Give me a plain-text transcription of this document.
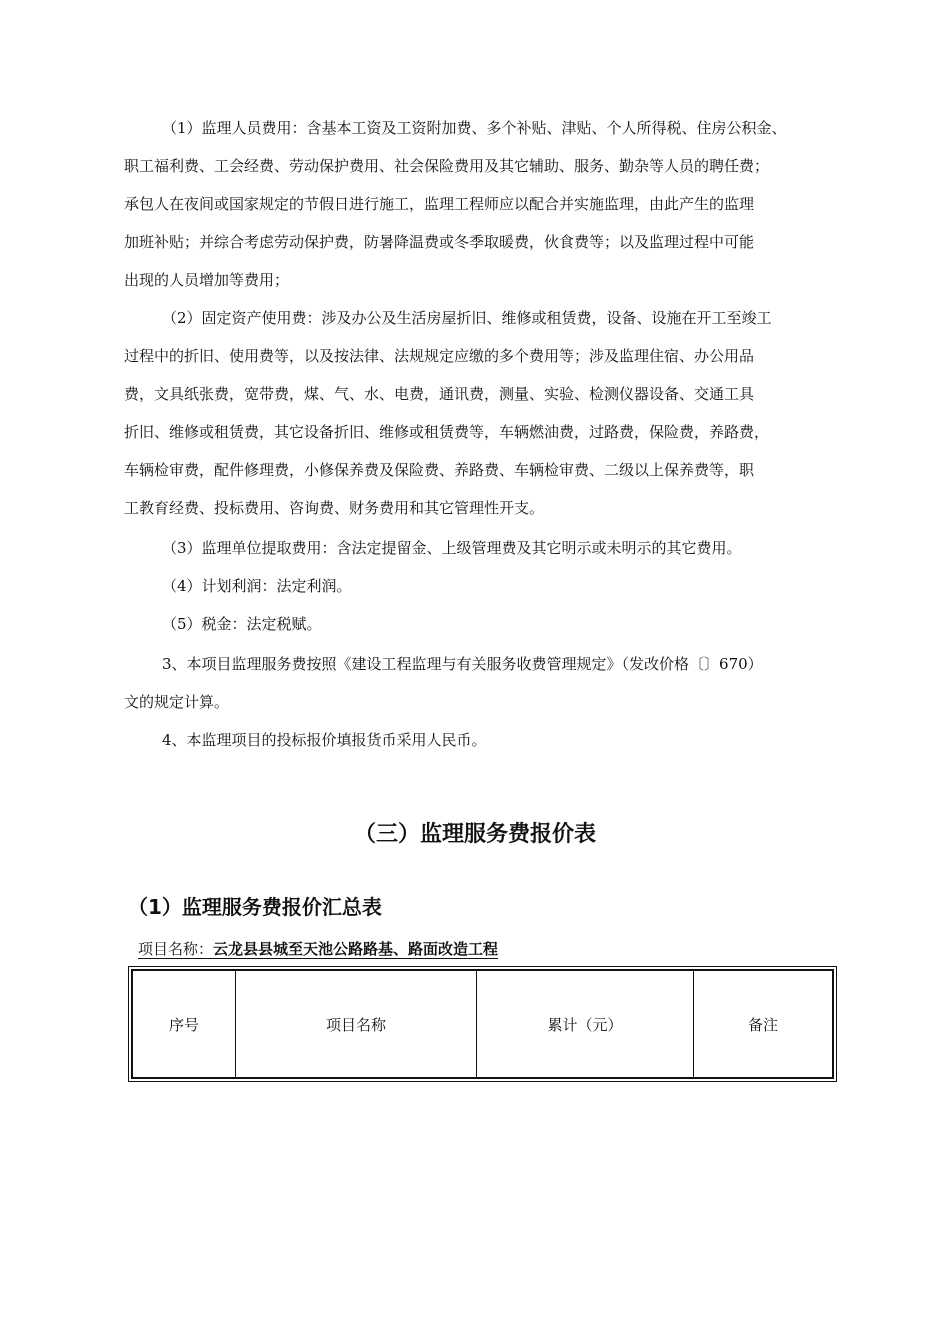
（1）监理人员费用：含基本工资及工资附加费、多个补贴、津贴、个人所得税、住房公积金、
职工福利费、工会经费、劳动保护费用、社会保险费用及其它辅助、服务、勤杂等人员的聘任费；
承包人在夜间或国家规定的节假日进行施工，监理工程师应以配合并实施监理，由此产生的监理
加班补贴；并综合考虑劳动保护费，防暑降温费或冬季取暖费，伙食费等；以及监理过程中可能
出现的人员增加等费用；
（2）固定资产使用费：涉及办公及生活房屋折旧、维修或租赁费，设备、设施在开工至竣工
过程中的折旧、使用费等，以及按法律、法规规定应缴的多个费用等；涉及监理住宿、办公用品
费，文具纸张费，宽带费，煤、气、水、电费，通讯费，测量、实验、检测仪器设备、交通工具
折旧、维修或租赁费，其它设备折旧、维修或租赁费等，车辆燃油费，过路费，保险费，养路费，
车辆检审费，配件修理费，小修保养费及保险费、养路费、车辆检审费、二级以上保养费等，职
工教育经费、投标费用、咨询费、财务费用和其它管理性开支。
（3）监理单位提取费用：含法定提留金、上级管理费及其它明示或未明示的其它费用。
（4）计划利润：法定利润。
（5）税金：法定税赋。
3、本项目监理服务费按照《建设工程监理与有关服务收费管理规定》（发改价格〔〕670）
文的规定计算。
4、本监理项目的投标报价填报货币采用人民币。
（三）监理服务费报价表
（1）监理服务费报价汇总表
项目名称：云龙县县城至天池公路路基、路面改造工程
序号	项目名称	累计（元）	备注
